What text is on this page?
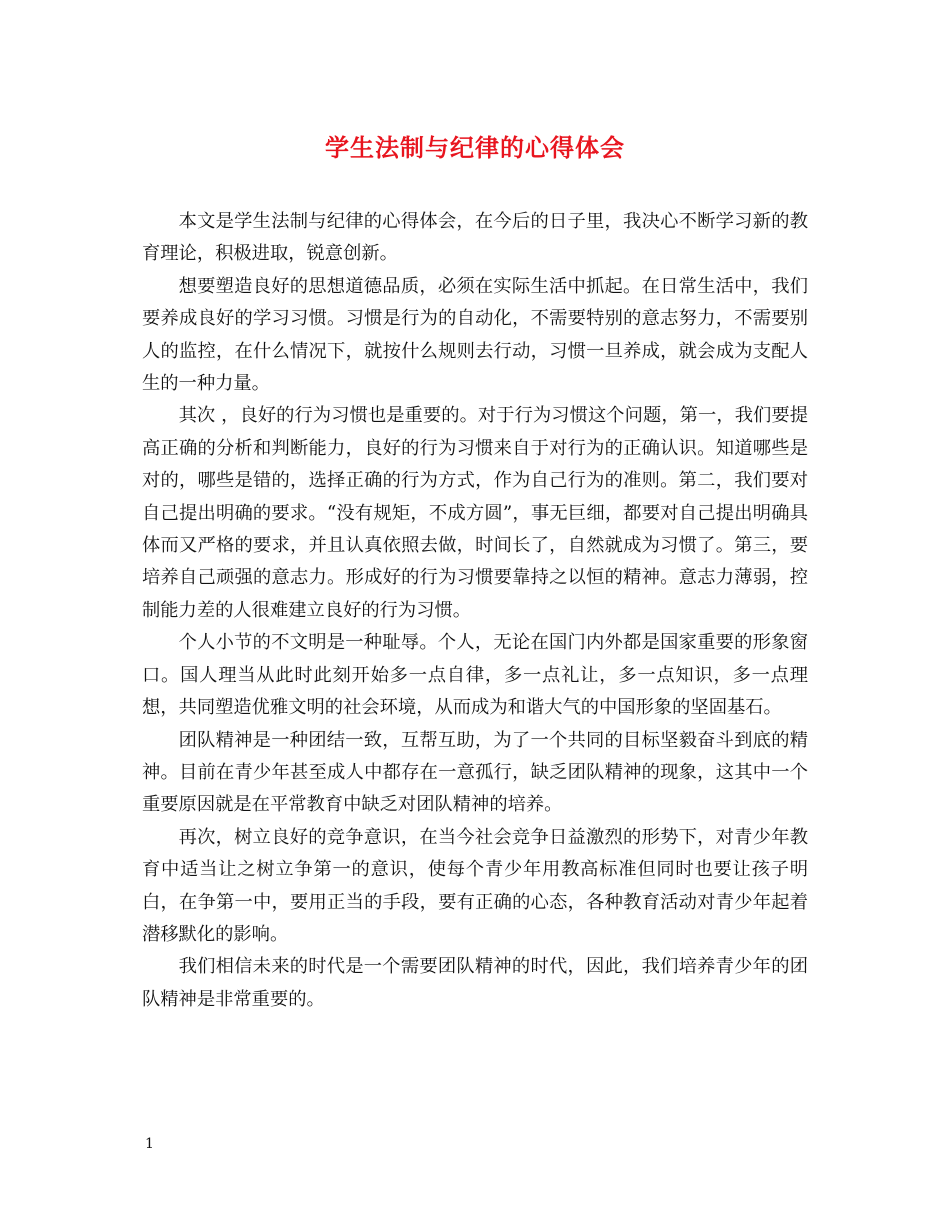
学生法制与纪律的心得体会

本文是学生法制与纪律的心得体会，在今后的日子里，我决心不断学习新的教育理论，积极进取，锐意创新。

想要塑造良好的思想道德品质，必须在实际生活中抓起。在日常生活中，我们要养成良好的学习习惯。习惯是行为的自动化，不需要特别的意志努力，不需要别人的监控，在什么情况下，就按什么规则去行动，习惯一旦养成，就会成为支配人生的一种力量。

其次 ，良好的行为习惯也是重要的。对于行为习惯这个问题，第一，我们要提高正确的分析和判断能力，良好的行为习惯来自于对行为的正确认识。知道哪些是对的，哪些是错的，选择正确的行为方式，作为自己行为的准则。第二，我们要对自己提出明确的要求。“没有规矩，不成方圆”，事无巨细，都要对自己提出明确具体而又严格的要求，并且认真依照去做，时间长了，自然就成为习惯了。第三，要培养自己顽强的意志力。形成好的行为习惯要靠持之以恒的精神。意志力薄弱，控制能力差的人很难建立良好的行为习惯。

个人小节的不文明是一种耻辱。个人，无论在国门内外都是国家重要的形象窗口。国人理当从此时此刻开始多一点自律，多一点礼让，多一点知识，多一点理想，共同塑造优雅文明的社会环境，从而成为和谐大气的中国形象的坚固基石。

团队精神是一种团结一致，互帮互助，为了一个共同的目标坚毅奋斗到底的精神。目前在青少年甚至成人中都存在一意孤行，缺乏团队精神的现象，这其中一个重要原因就是在平常教育中缺乏对团队精神的培养。

再次，树立良好的竞争意识，在当今社会竞争日益激烈的形势下，对青少年教育中适当让之树立争第一的意识，使每个青少年用教高标准但同时也要让孩子明白，在争第一中，要用正当的手段，要有正确的心态，各种教育活动对青少年起着潜移默化的影响。

我们相信未来的时代是一个需要团队精神的时代，因此，我们培养青少年的团队精神是非常重要的。

1
